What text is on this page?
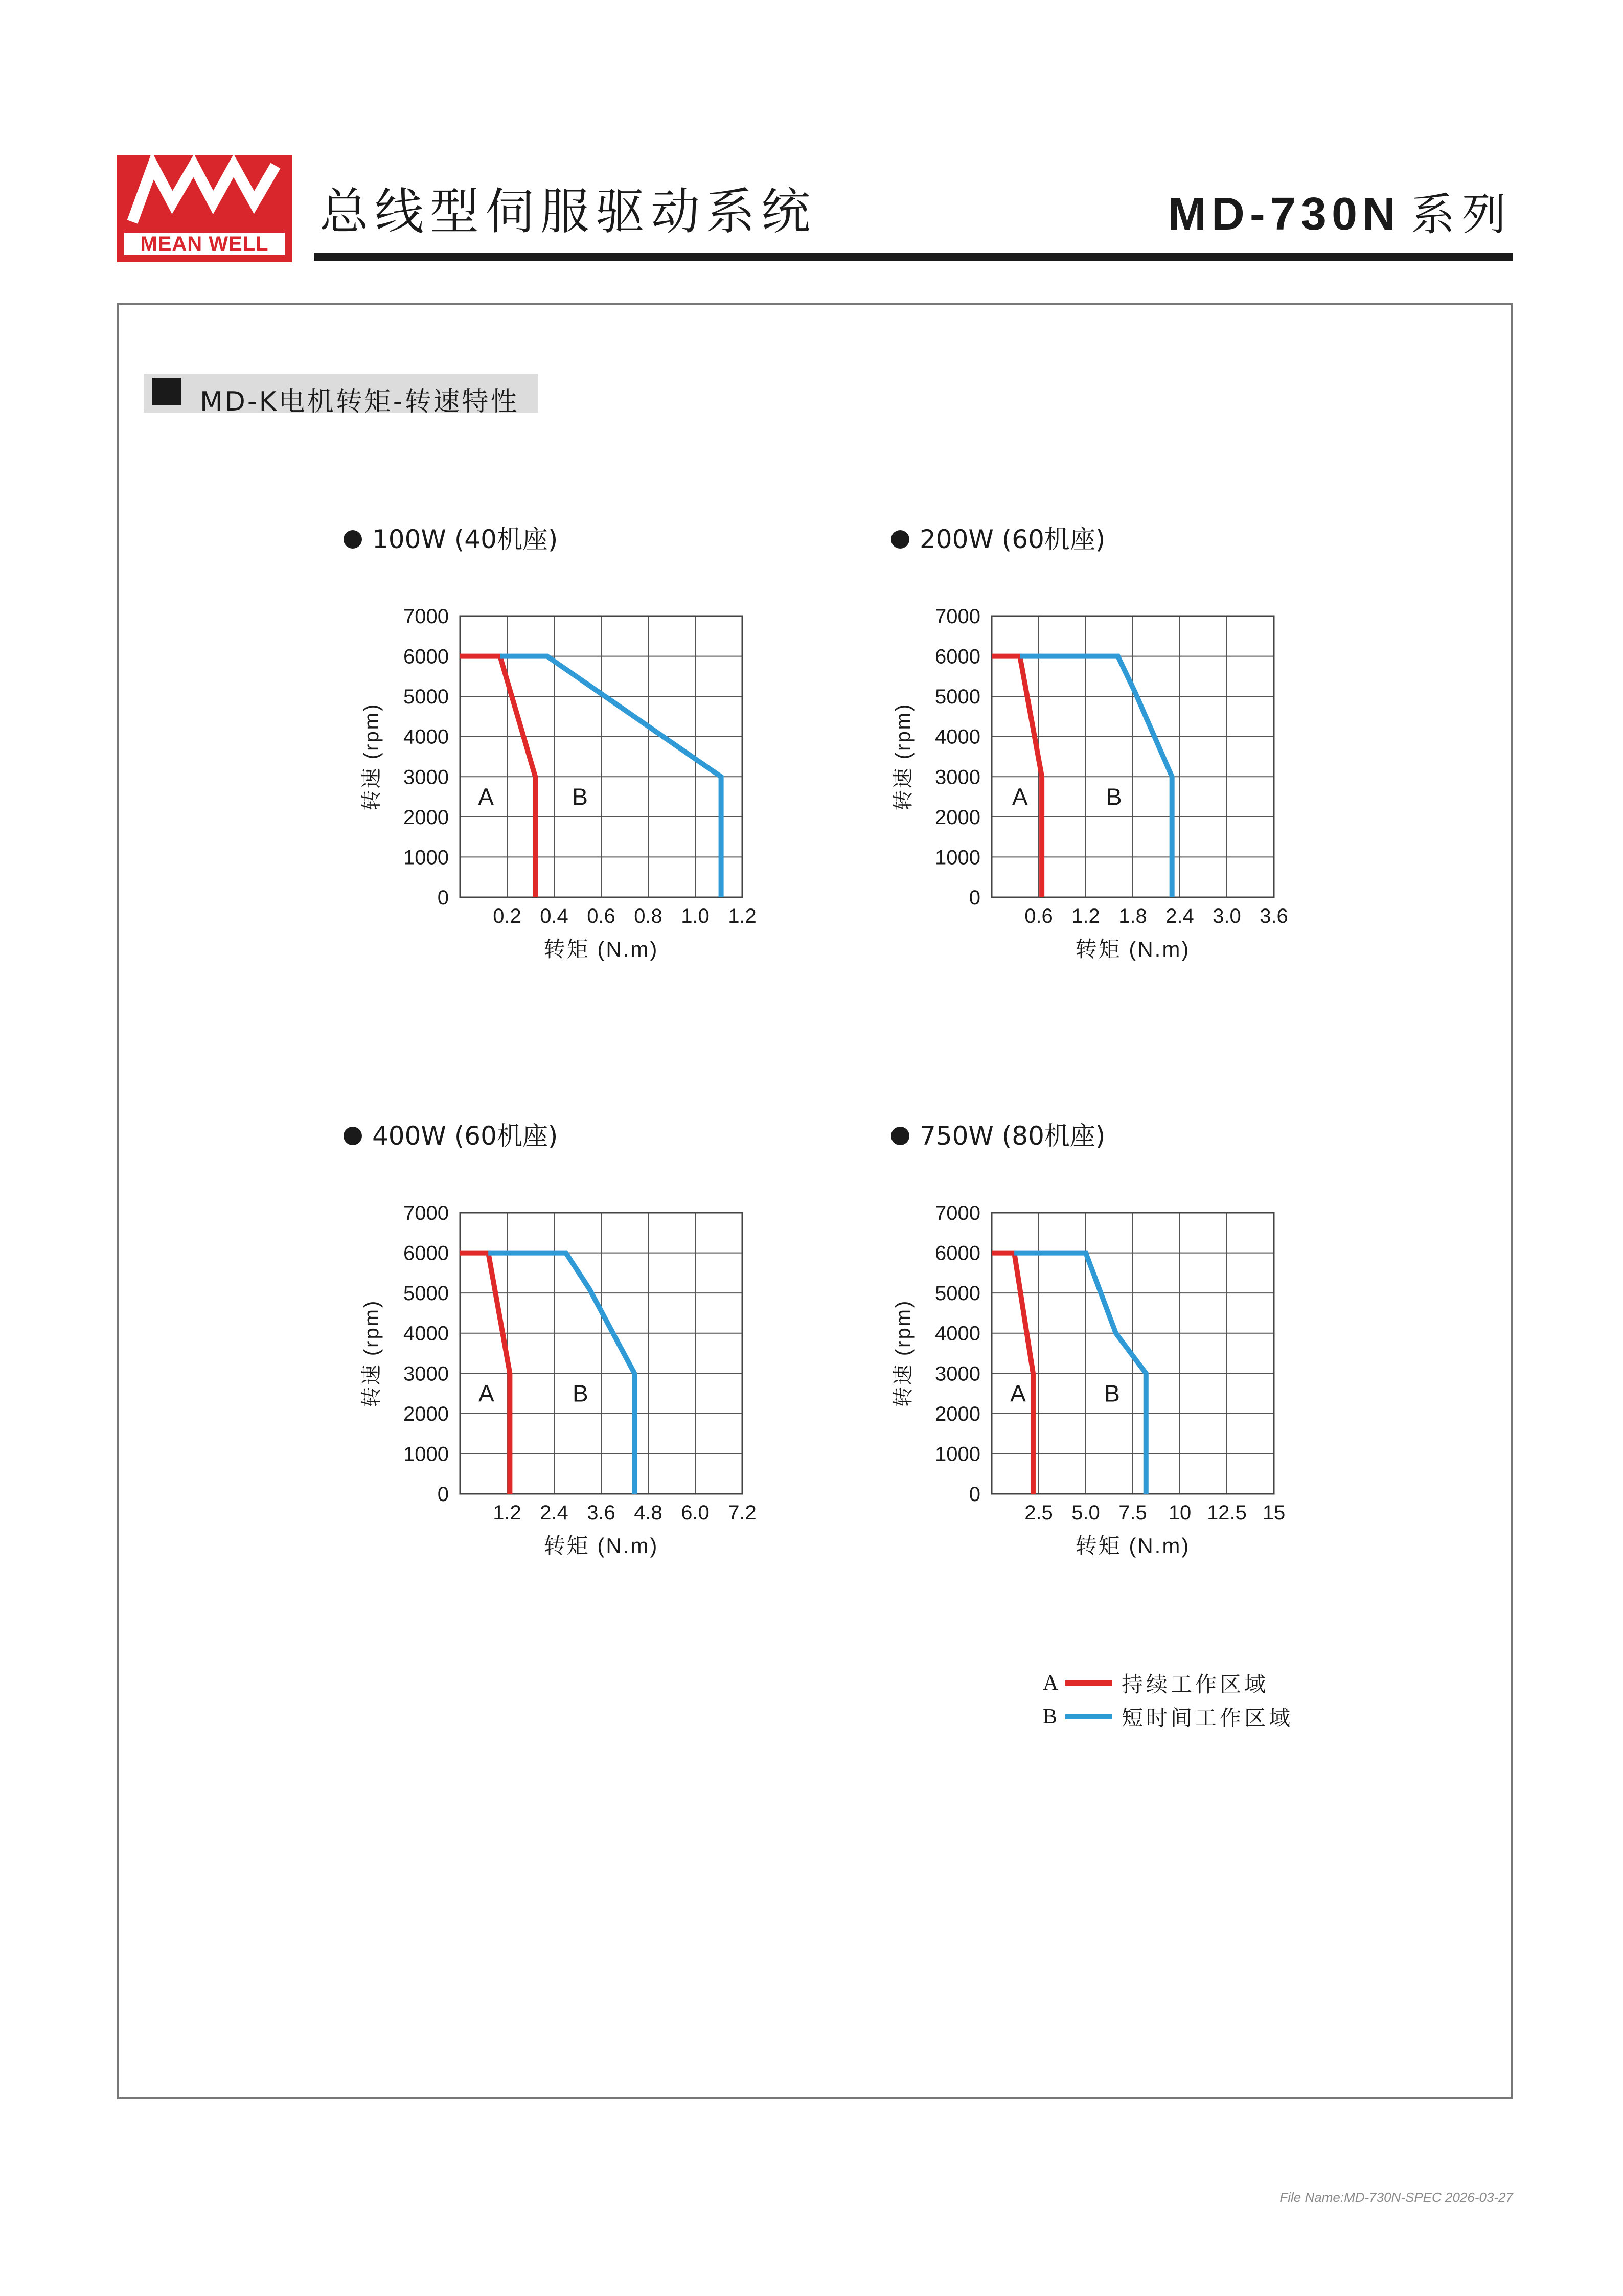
MEAN WELL
总线型伺服驱动系统	MD-730N 系列
MD-K电机转矩-转速特性
100W (40机座)	200W (60机座)
400W (60机座)	750W (80机座)
0
1000
2000
3000
4000
5000
6000
7000
0.2 0.4 0.6 0.8 1.0 1.2
转矩 (N.m)
转速 (rpm)	A	B
0
1000
2000
3000
4000
5000
6000
7000
0.6 1.2 1.8 2.4 3.0 3.6
转矩 (N.m)
转速 (rpm)	A	B
0
1000
2000
3000
4000
5000
6000
7000
1.2 2.4 3.6 4.8 6.0 7.2
转矩 (N.m)
转速 (rpm)	A	B
0
1000
2000
3000
4000
5000
6000
7000
2.5 5.0 7.5 10 12.5 15
转矩 (N.m)
转速 (rpm)	A	B
A	持续工作区域
B	短时间工作区域
File Name:MD-730N-SPEC 2026-03-27
